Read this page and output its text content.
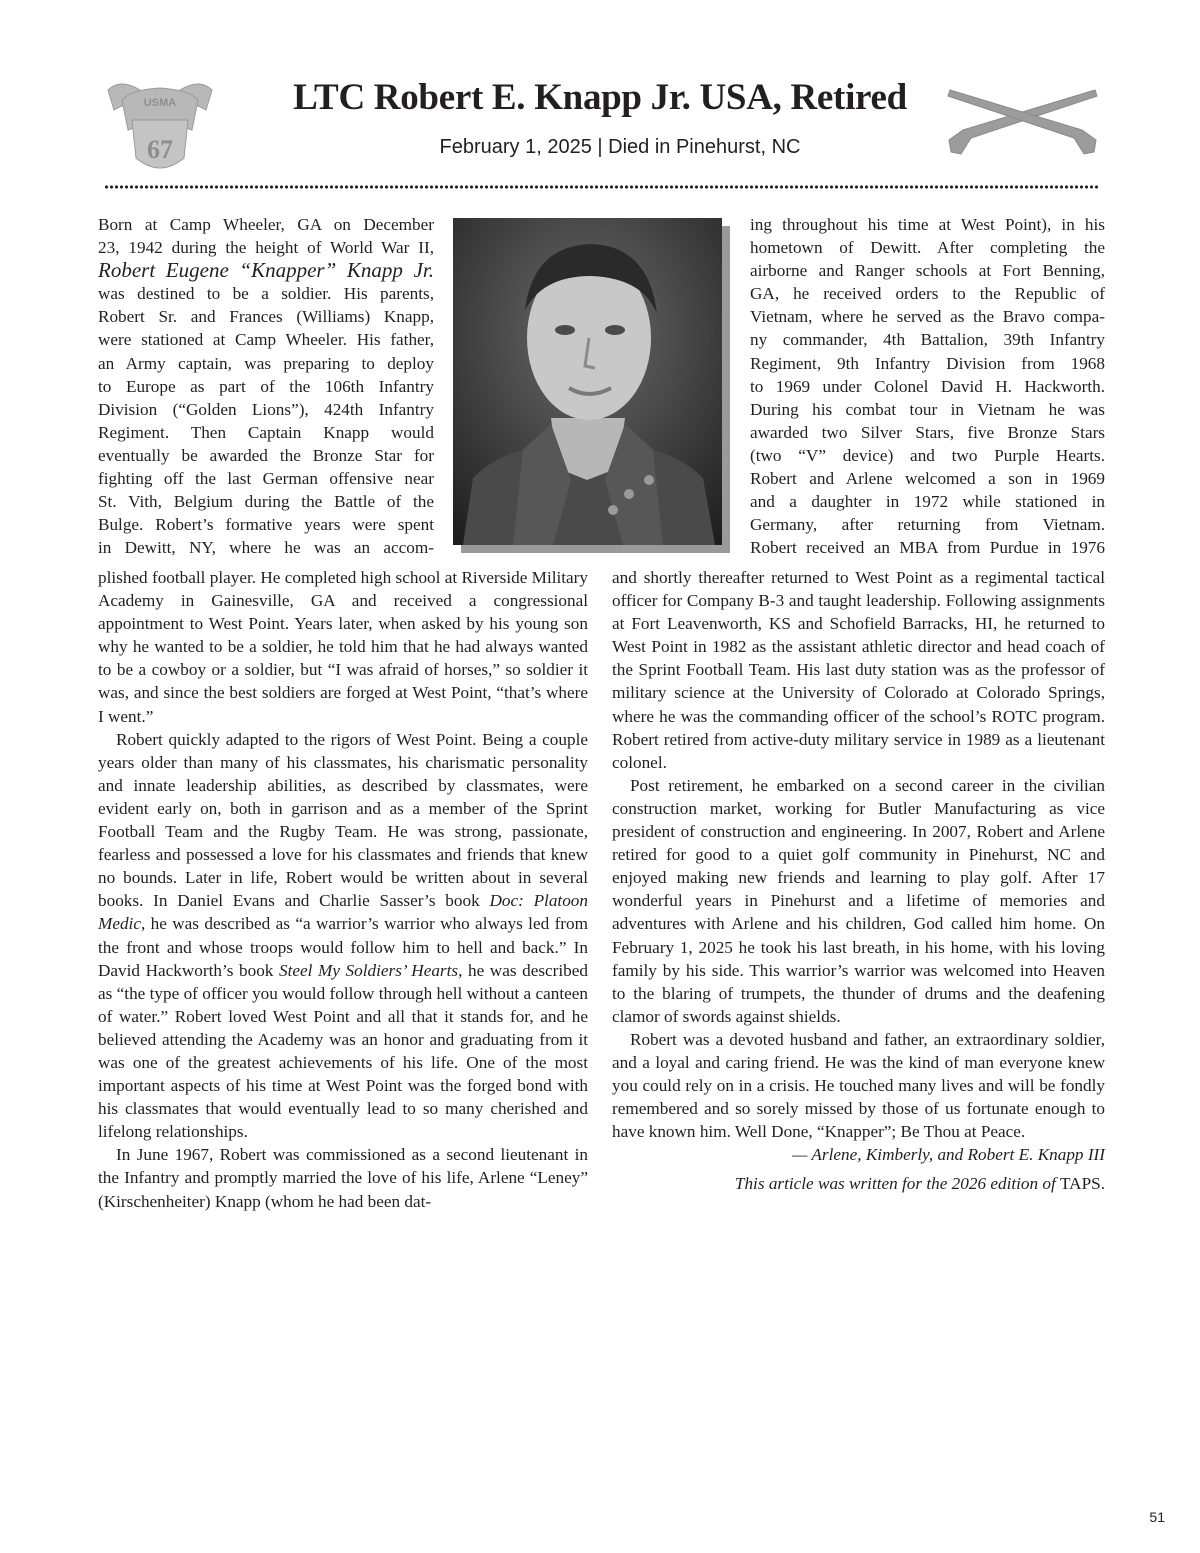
USMA
67
LTC Robert E. Knapp Jr. USA, Retired

February 1, 2025 | Died in Pinehurst, NC

Born at Camp Wheeler, GA on December

23, 1942 during the height of World War II,

Robert Eugene “Knapper” Knapp Jr.

was destined to be a soldier. His parents,

Robert Sr. and Frances (Williams) Knapp,

were stationed at Camp Wheeler. His father,

an Army captain, was preparing to deploy

to Europe as part of the 106th Infantry

Division (“Golden Lions”), 424th Infantry

Regiment. Then Captain Knapp would

eventually be awarded the Bronze Star for

fighting off the last German offensive near

St. Vith, Belgium during the Battle of the

Bulge. Robert’s formative years were spent

in Dewitt, NY, where he was an accom-

plished football player. He completed high school at Riverside Military Academy in Gainesville, GA and received a congressional appointment to West Point. Years later, when asked by his young son why he wanted to be a soldier, he told him that he had always wanted to be a cowboy or a soldier, but “I was afraid of horses,” so soldier it was, and since the best soldiers are forged at West Point, “that’s where I went.”

Robert quickly adapted to the rigors of West Point. Being a couple years older than many of his classmates, his charismatic personality and innate leadership abilities, as described by classmates, were evident early on, both in garrison and as a member of the Sprint Football Team and the Rugby Team. He was strong, passionate, fearless and possessed a love for his classmates and friends that knew no bounds. Later in life, Robert would be written about in several books. In Daniel Evans and Charlie Sasser’s book Doc: Platoon Medic, he was described as “a warrior’s warrior who always led from the front and whose troops would follow him to hell and back.” In David Hackworth’s book Steel My Soldiers’ Hearts, he was described as “the type of officer you would follow through hell without a canteen of water.” Robert loved West Point and all that it stands for, and he believed attending the Academy was an honor and graduating from it was one of the greatest achievements of his life. One of the most important aspects of his time at West Point was the forged bond with his classmates that would eventually lead to so many cherished and lifelong relationships.

In June 1967, Robert was commissioned as a second lieutenant in the Infantry and promptly married the love of his life, Arlene “Leney” (Kirschenheiter) Knapp (whom he had been dat-

ing throughout his time at West Point), in his

hometown of Dewitt. After completing the

airborne and Ranger schools at Fort Benning,

GA, he received orders to the Republic of

Vietnam, where he served as the Bravo compa-

ny commander, 4th Battalion, 39th Infantry

Regiment, 9th Infantry Division from 1968

to 1969 under Colonel David H. Hackworth.

During his combat tour in Vietnam he was

awarded two Silver Stars, five Bronze Stars

(two “V” device) and two Purple Hearts.

Robert and Arlene welcomed a son in 1969

and a daughter in 1972 while stationed in

Germany, after returning from Vietnam.

Robert received an MBA from Purdue in 1976

and shortly thereafter returned to West Point as a regimental tactical officer for Company B-3 and taught leadership. Following assignments at Fort Leavenworth, KS and Schofield Barracks, HI, he returned to West Point in 1982 as the assistant athletic director and head coach of the Sprint Football Team. His last duty station was as the professor of military science at the University of Colorado at Colorado Springs, where he was the commanding officer of the school’s ROTC program. Robert retired from active-duty military service in 1989 as a lieutenant colonel.

Post retirement, he embarked on a second career in the civilian construction market, working for Butler Manufacturing as vice president of construction and engineering. In 2007, Robert and Arlene retired for good to a quiet golf community in Pinehurst, NC and enjoyed making new friends and learning to play golf. After 17 wonderful years in Pinehurst and a lifetime of memories and adventures with Arlene and his children, God called him home. On February 1, 2025 he took his last breath, in his home, with his loving family by his side. This warrior’s warrior was welcomed into Heaven to the blaring of trumpets, the thunder of drums and the deafening clamor of swords against shields.

Robert was a devoted husband and father, an extraordinary soldier, and a loyal and caring friend. He was the kind of man everyone knew you could rely on in a crisis. He touched many lives and will be fondly remembered and so sorely missed by those of us fortunate enough to have known him. Well Done, “Knapper”; Be Thou at Peace.

— Arlene, Kimberly, and Robert E. Knapp III

This article was written for the 2026 edition of TAPS.

51
